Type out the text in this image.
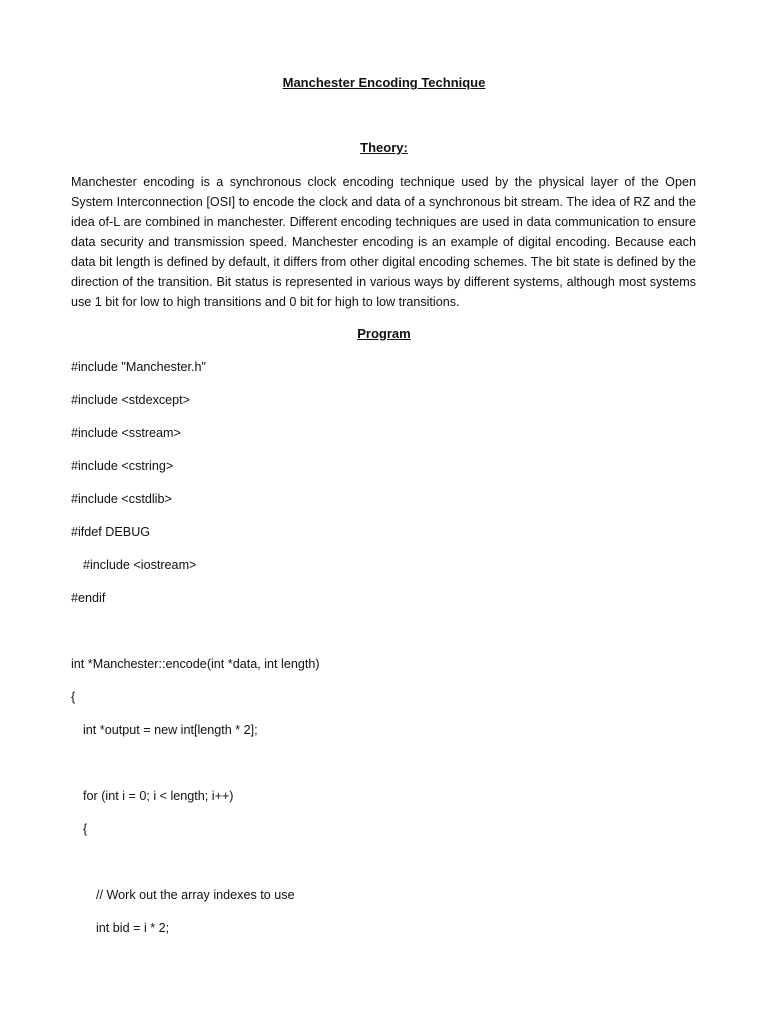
Manchester Encoding Technique
Theory:

Manchester encoding is a synchronous clock encoding technique used by the physical layer of the Open System Interconnection [OSI] to encode the clock and data of a synchronous bit stream. The idea of RZ and the idea of-L are combined in manchester. Different encoding techniques are used in data communication to ensure data security and transmission speed. Manchester encoding is an example of digital encoding. Because each data bit length is defined by default, it differs from other digital encoding schemes. The bit state is defined by the direction of the transition. Bit status is represented in various ways by different systems, although most systems use 1 bit for low to high transitions and 0 bit for high to low transitions.

Program
#include "Manchester.h"
#include <stdexcept>
#include <sstream>
#include <cstring>
#include <cstdlib>
#ifdef DEBUG
#include <iostream>
#endif
int *Manchester::encode(int *data, int length)
{
int *output = new int[length * 2];
for (int i = 0; i < length; i++)
{
// Work out the array indexes to use
int bid = i * 2;
